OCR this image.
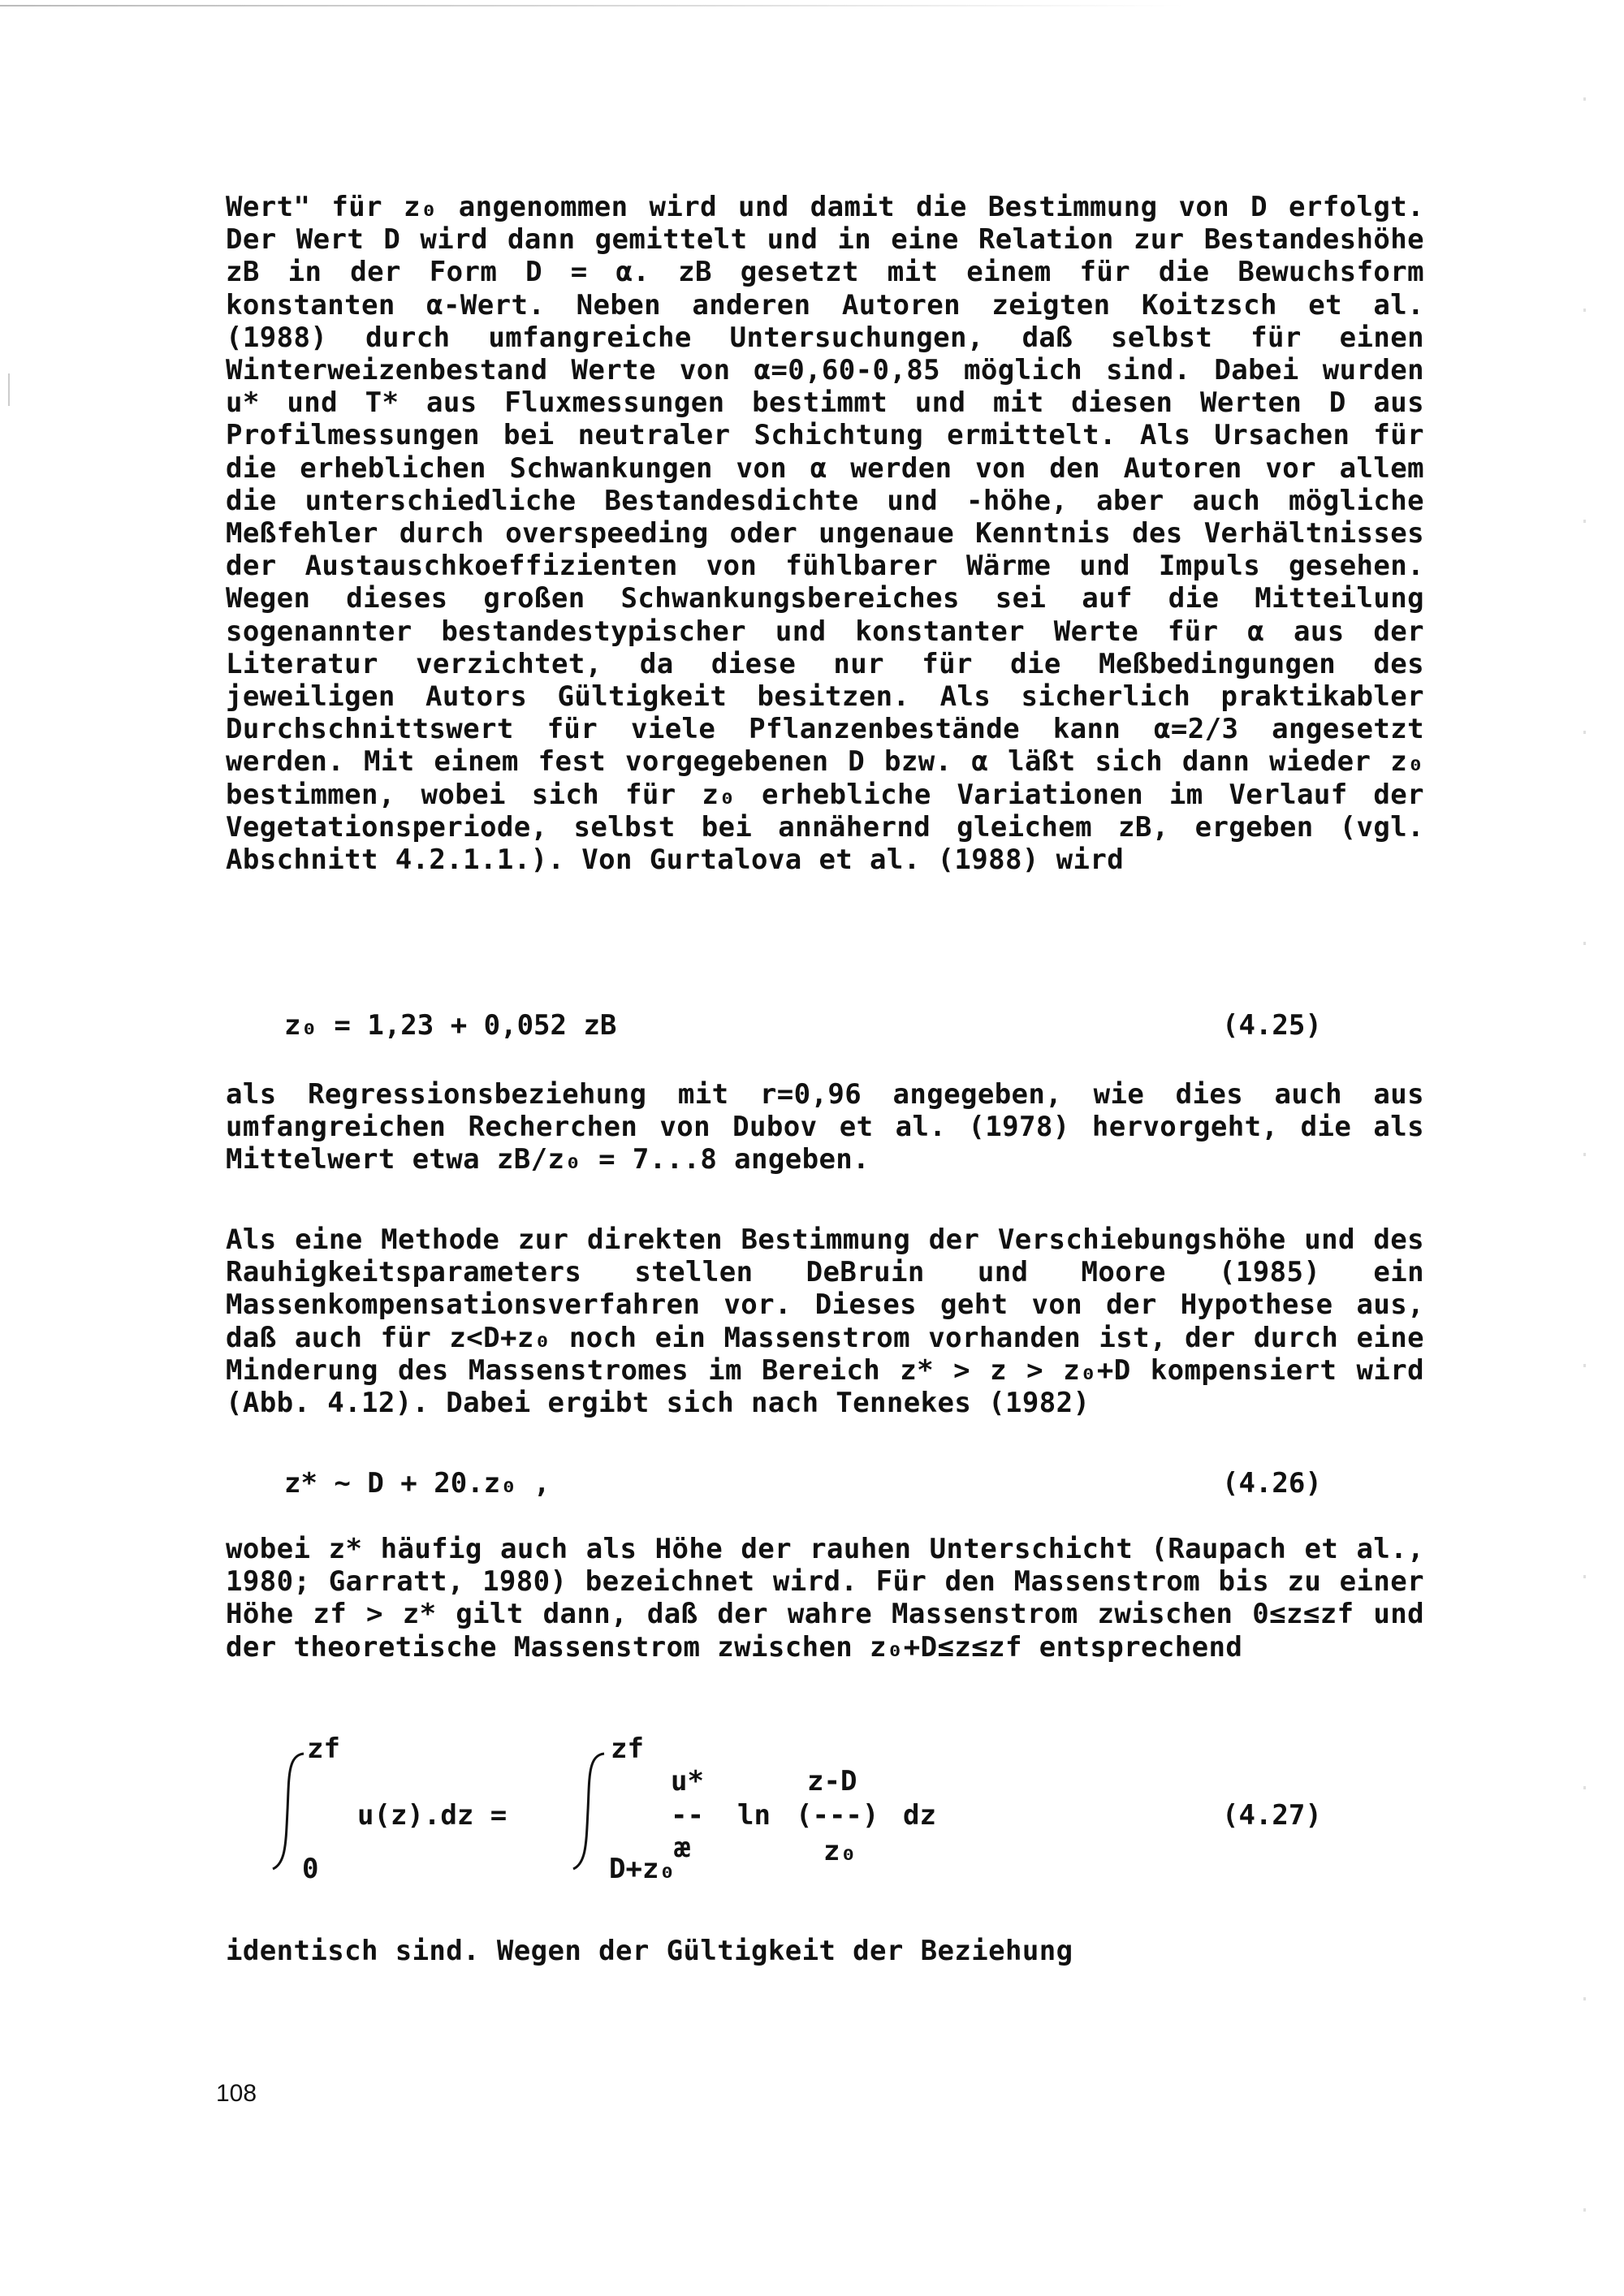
Wert" für z₀ angenommen wird und damit die Bestimmung von D erfolgt. Der Wert D wird dann gemittelt und in eine Relation zur Bestandeshöhe zB in der Form D = α. zB gesetzt mit einem für die Bewuchsform konstanten α-Wert. Neben anderen Autoren zeigten Koitzsch et al. (1988) durch umfangreiche Untersuchungen, daß selbst für einen Winterweizenbestand Werte von α=0,60-0,85 möglich sind. Dabei wurden u* und T* aus Fluxmessungen bestimmt und mit diesen Werten D aus Profilmessungen bei neutraler Schichtung ermittelt. Als Ursachen für die erheblichen Schwankungen von α werden von den Autoren vor allem die unterschiedliche Bestandesdichte und -höhe, aber auch mögliche Meßfehler durch overspeeding oder ungenaue Kenntnis des Verhältnisses der Austauschkoeffizienten von fühlbarer Wärme und Impuls gesehen. Wegen dieses großen Schwankungsbereiches sei auf die Mitteilung sogenannter bestandestypischer und konstanter Werte für α aus der Literatur verzichtet, da diese nur für die Meßbedingungen des jeweiligen Autors Gültigkeit besitzen. Als sicherlich praktikabler Durchschnittswert für viele Pflanzenbestände kann α=2/3 angesetzt werden. Mit einem fest vorgegebenen D bzw. α läßt sich dann wieder z₀ bestimmen, wobei sich für z₀ erhebliche Variationen im Verlauf der Vegetationsperiode, selbst bei annähernd gleichem zB, ergeben (vgl. Abschnitt 4.2.1.1.). Von Gurtalova et al. (1988) wird
z₀ = 1,23 + 0,052 zB	(4.25)
als Regressionsbeziehung mit r=0,96 angegeben, wie dies auch aus umfangreichen Recherchen von Dubov et al. (1978) hervorgeht, die als Mittelwert etwa zB/z₀ = 7...8 angeben.
Als eine Methode zur direkten Bestimmung der Verschiebungshöhe und des Rauhigkeitsparameters stellen DeBruin und Moore (1985) ein Massenkompensationsverfahren vor. Dieses geht von der Hypothese aus, daß auch für z<D+z₀ noch ein Massenstrom vorhanden ist, der durch eine Minderung des Massenstromes im Bereich z* > z > z₀+D kompensiert wird (Abb. 4.12). Dabei ergibt sich nach Tennekes (1982)
z* ∼ D + 20.z₀ ,	(4.26)
wobei z* häufig auch als Höhe der rauhen Unterschicht (Raupach et al., 1980; Garratt, 1980) bezeichnet wird. Für den Massenstrom bis zu einer Höhe zf > z* gilt dann, daß der wahre Massenstrom zwischen 0≤z≤zf und der theoretische Massenstrom zwischen z₀+D≤z≤zf entsprechend
zf
0
u(z).dz =
zf
D+z₀
u*
--
æ
ln
z-D
(---)
z₀
dz	(4.27)
identisch sind. Wegen der Gültigkeit der Beziehung
108
